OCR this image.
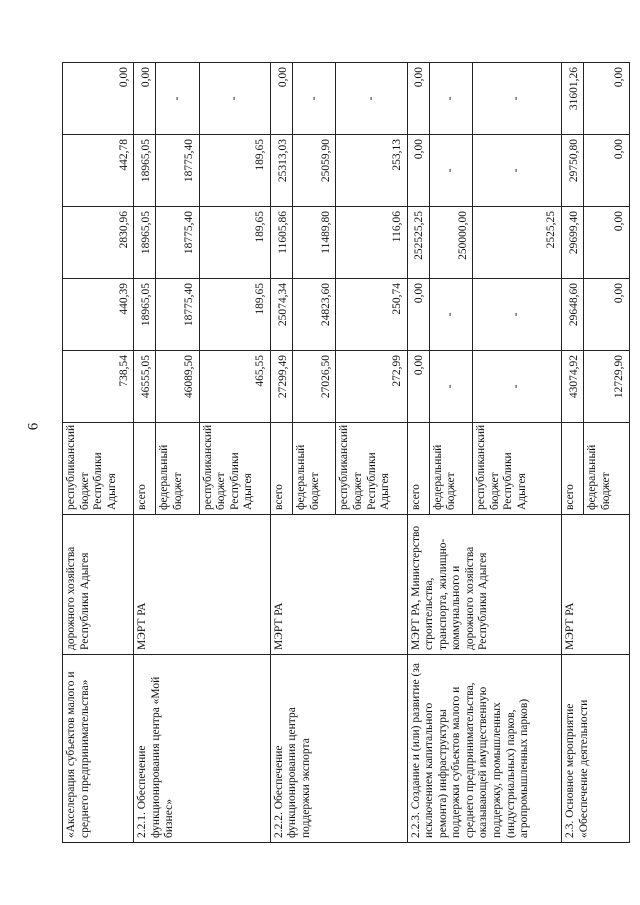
6
«Акселерация субъектов малого и среднего предпринимательства»	дорожного хозяйства Республики Адыгея	республиканский бюджет Республики Адыгея	738,54	440,39	2830,96	442,78	0,00
2.2.1. Обеспечение функционирования центра «Мой бизнес»	МЭРТ РА	всего	46555,05	18965,05	18965,05	18965,05	0,00
		федеральный бюджет	46089,50	18775,40	18775,40	18775,40	-
		республиканский бюджет Республики Адыгея	465,55	189,65	189,65	189,65	-
2.2.2. Обеспечение функционирования центра поддержки экспорта	МЭРТ РА	всего	27299,49	25074,34	11605,86	25313,03	0,00
		федеральный бюджет	27026,50	24823,60	11489,80	25059,90	-
		республиканский бюджет Республики Адыгея	272,99	250,74	116,06	253,13	-
2.2.3. Создание и (или) развитие (за исключением капитального ремонта) инфраструктуры поддержки субъектов малого и среднего предпринимательства, оказывающей имущественную поддержку, промышленных (индустриальных) парков, агропромышленных парков)	МЭРТ РА, Министерство строительства, транспорта, жилищно-коммунального и дорожного хозяйства Республики Адыгея	всего	0,00	0,00	252525,25	0,00	0,00
		федеральный бюджет	-	-	250000,00	-	-
		республиканский бюджет Республики Адыгея	-	-	2525,25	-	-
2.3. Основное мероприятие «Обеспечение деятельности	МЭРТ РА	всего	43074,92	29648,60	29699,40	29750,80	31601,26
		федеральный бюджет	12729,90	0,00	0,00	0,00	0,00
